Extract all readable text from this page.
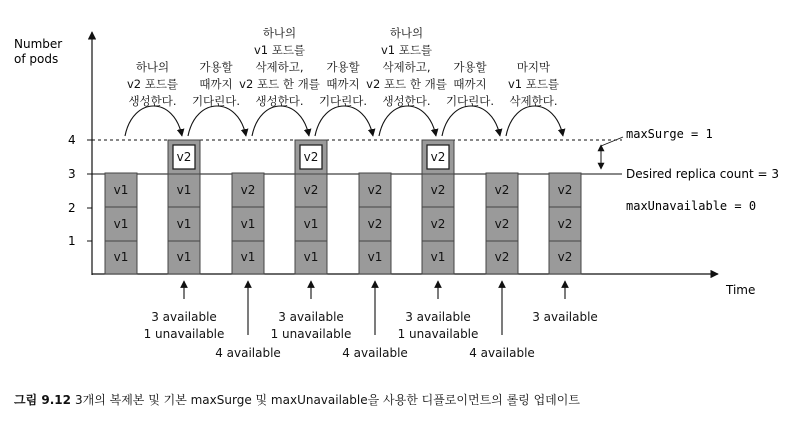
Number
of pods
Time
1
2
3
4	maxSurge = 1
Desired replica count = 3
maxUnavailable = 0
하나의
v2 포드를
생성한다.
가용할
때까지
기다린다.
하나의
v1 포드를
삭제하고,
v2 포드 한 개를
생성한다.
가용할
때까지
기다린다.
하나의
v1 포드를
삭제하고,
v2 포드 한 개를
생성한다.
가용할
때까지
기다린다.
마지막
v1 포드를
삭제한다.
v1
v1
v1
v1
v1
v1
v2
v1
v1
v2
v1
v1
v2
v2
v1
v2
v2
v1
v2
v2
v2
v2
v2
v2
v2
v2
v2
3 available
1 unavailable
4 available
3 available
1 unavailable
4 available
3 available
1 unavailable
4 available
3 available
그림 9.12 3개의 복제본 및 기본 maxSurge 및 maxUnavailable을 사용한 디플로이먼트의 롤링 업데이트
